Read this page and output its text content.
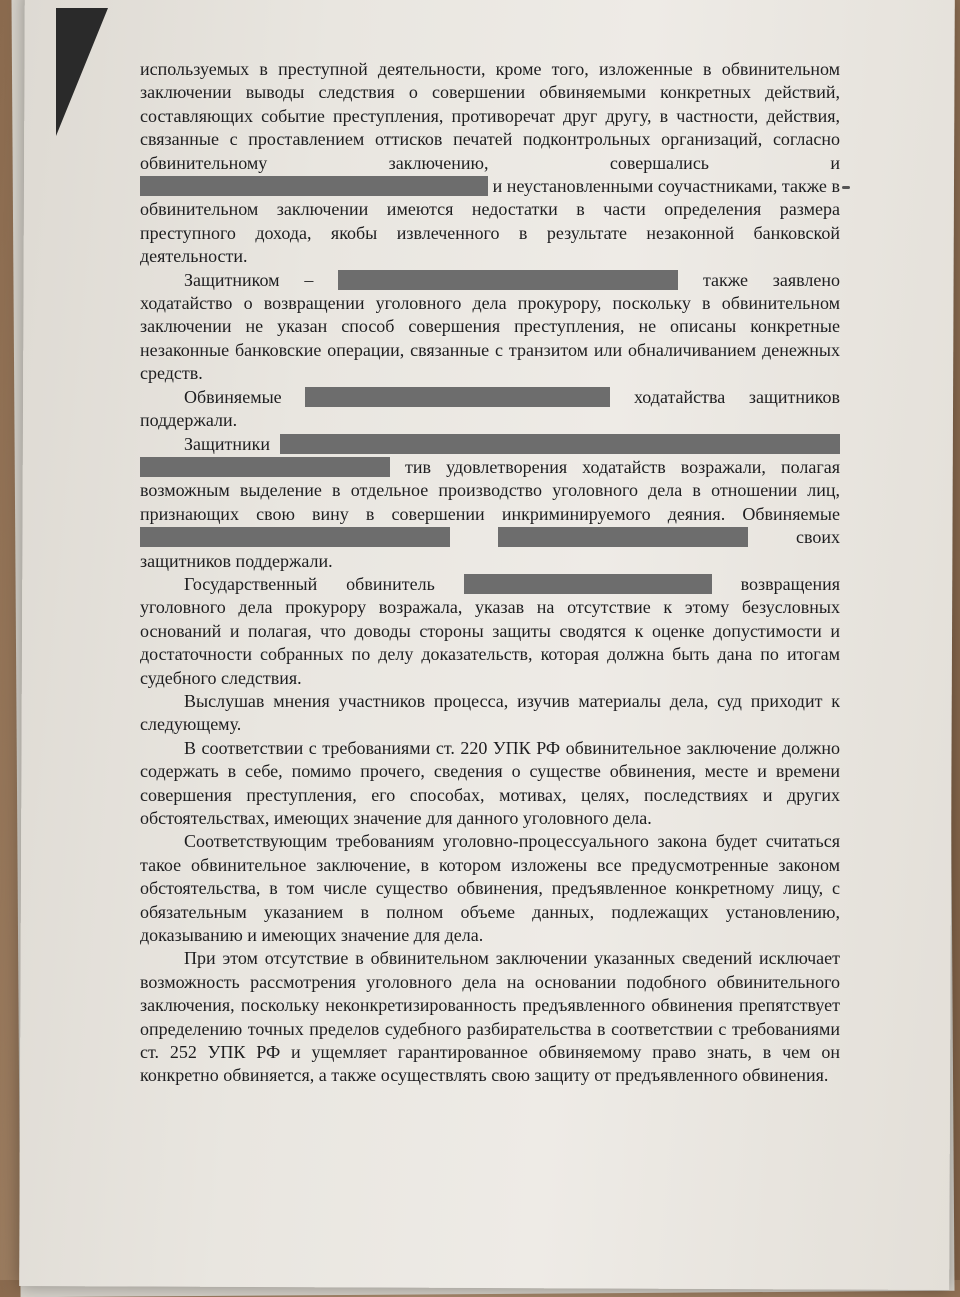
используемых в преступной деятельности, кроме того, изложенные в обвинительном заключении выводы следствия о совершении обвиняемыми конкретных действий, составляющих событие преступления, противоречат друг другу, в частности, действия, связанные с проставлением оттисков печатей подконтрольных организаций, согласно обвинительному заключению, совершались и  и неустановленными соучастниками, также в обвинительном заключении имеются недостатки в части определения размера преступного дохода, якобы извлеченного в результате незаконной банковской деятельности.

Защитником –	также заявлено ходатайство о возвращении уголовного дела прокурору, поскольку в обвинительном заключении не указан способ совершения преступления, не описаны конкретные незаконные банковские операции, связанные с транзитом или обналичиванием денежных средств.

Обвиняемые	ходатайства защитников поддержали.

Защитники   тив удовлетворения ходатайств возражали, полагая возможным выделение в отдельное производство уголовного дела в отношении лиц, признающих свою вину в совершении инкриминируемого деяния. Обвиняемые   своих защитников поддержали.

Государственный обвинитель	возвращения уголовного дела прокурору возражала, указав на отсутствие к этому безусловных оснований и полагая, что доводы стороны защиты сводятся к оценке допустимости и достаточности собранных по делу доказательств, которая должна быть дана по итогам судебного следствия.

Выслушав мнения участников процесса, изучив материалы дела, суд приходит к следующему.

В соответствии с требованиями ст. 220 УПК РФ обвинительное заключение должно содержать в себе, помимо прочего, сведения о существе обвинения, месте и времени совершения преступления, его способах, мотивах, целях, последствиях и других обстоятельствах, имеющих значение для данного уголовного дела.

Соответствующим требованиям уголовно-процессуального закона будет считаться такое обвинительное заключение, в котором изложены все предусмотренные законом обстоятельства, в том числе существо обвинения, предъявленное конкретному лицу, с обязательным указанием в полном объеме данных, подлежащих установлению, доказыванию и имеющих значение для дела.

При этом отсутствие в обвинительном заключении указанных сведений исключает возможность рассмотрения уголовного дела на основании подобного обвинительного заключения, поскольку неконкретизированность предъявленного обвинения препятствует определению точных пределов судебного разбирательства в соответствии с требованиями ст. 252 УПК РФ и ущемляет гарантированное обвиняемому право знать, в чем он конкретно обвиняется, а также осуществлять свою защиту от предъявленного обвинения.
